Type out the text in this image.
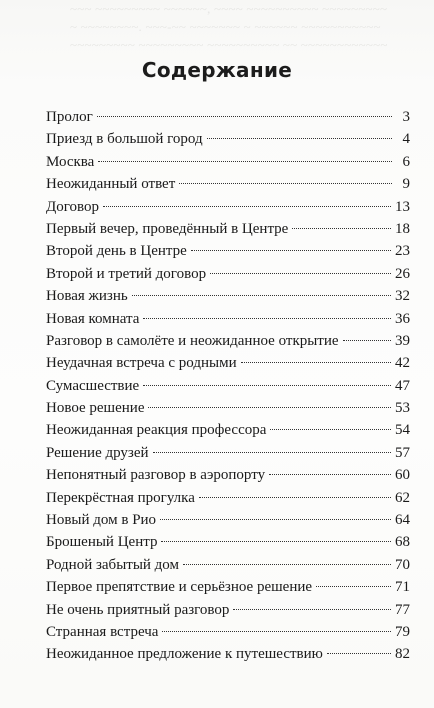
~~~ ~~~~~~~~~ ~~~~~~, ~~~~ ~~~~~~~~~~ ~~~~~~~~~
~ ~~~~~~~~. ~~~-~~ ~~~~~~~ ~ ~~~~~~ ~~~~~~~~~~~
~~~~~~~~~ ~~~~~~~~~ ~~~~~~~~~~ ~~ ~~~~~~~~~~~~
Содержание
Пролог	3
Приезд в большой город	4
Москва	6
Неожиданный ответ	9
Договор	13
Первый вечер, проведённый в Центре	18
Второй день в Центре	23
Второй и третий договор	26
Новая жизнь	32
Новая комната	36
Разговор в самолёте и неожиданное открытие	39
Неудачная встреча с родными	42
Сумасшествие	47
Новое решение	53
Неожиданная реакция профессора	54
Решение друзей	57
Непонятный разговор в аэропорту	60
Перекрёстная прогулка	62
Новый дом в Рио	64
Брошеный Центр	68
Родной забытый дом	70
Первое препятствие и серьёзное решение	71
Не очень приятный разговор	77
Странная встреча	79
Неожиданное предложение к путешествию	82
